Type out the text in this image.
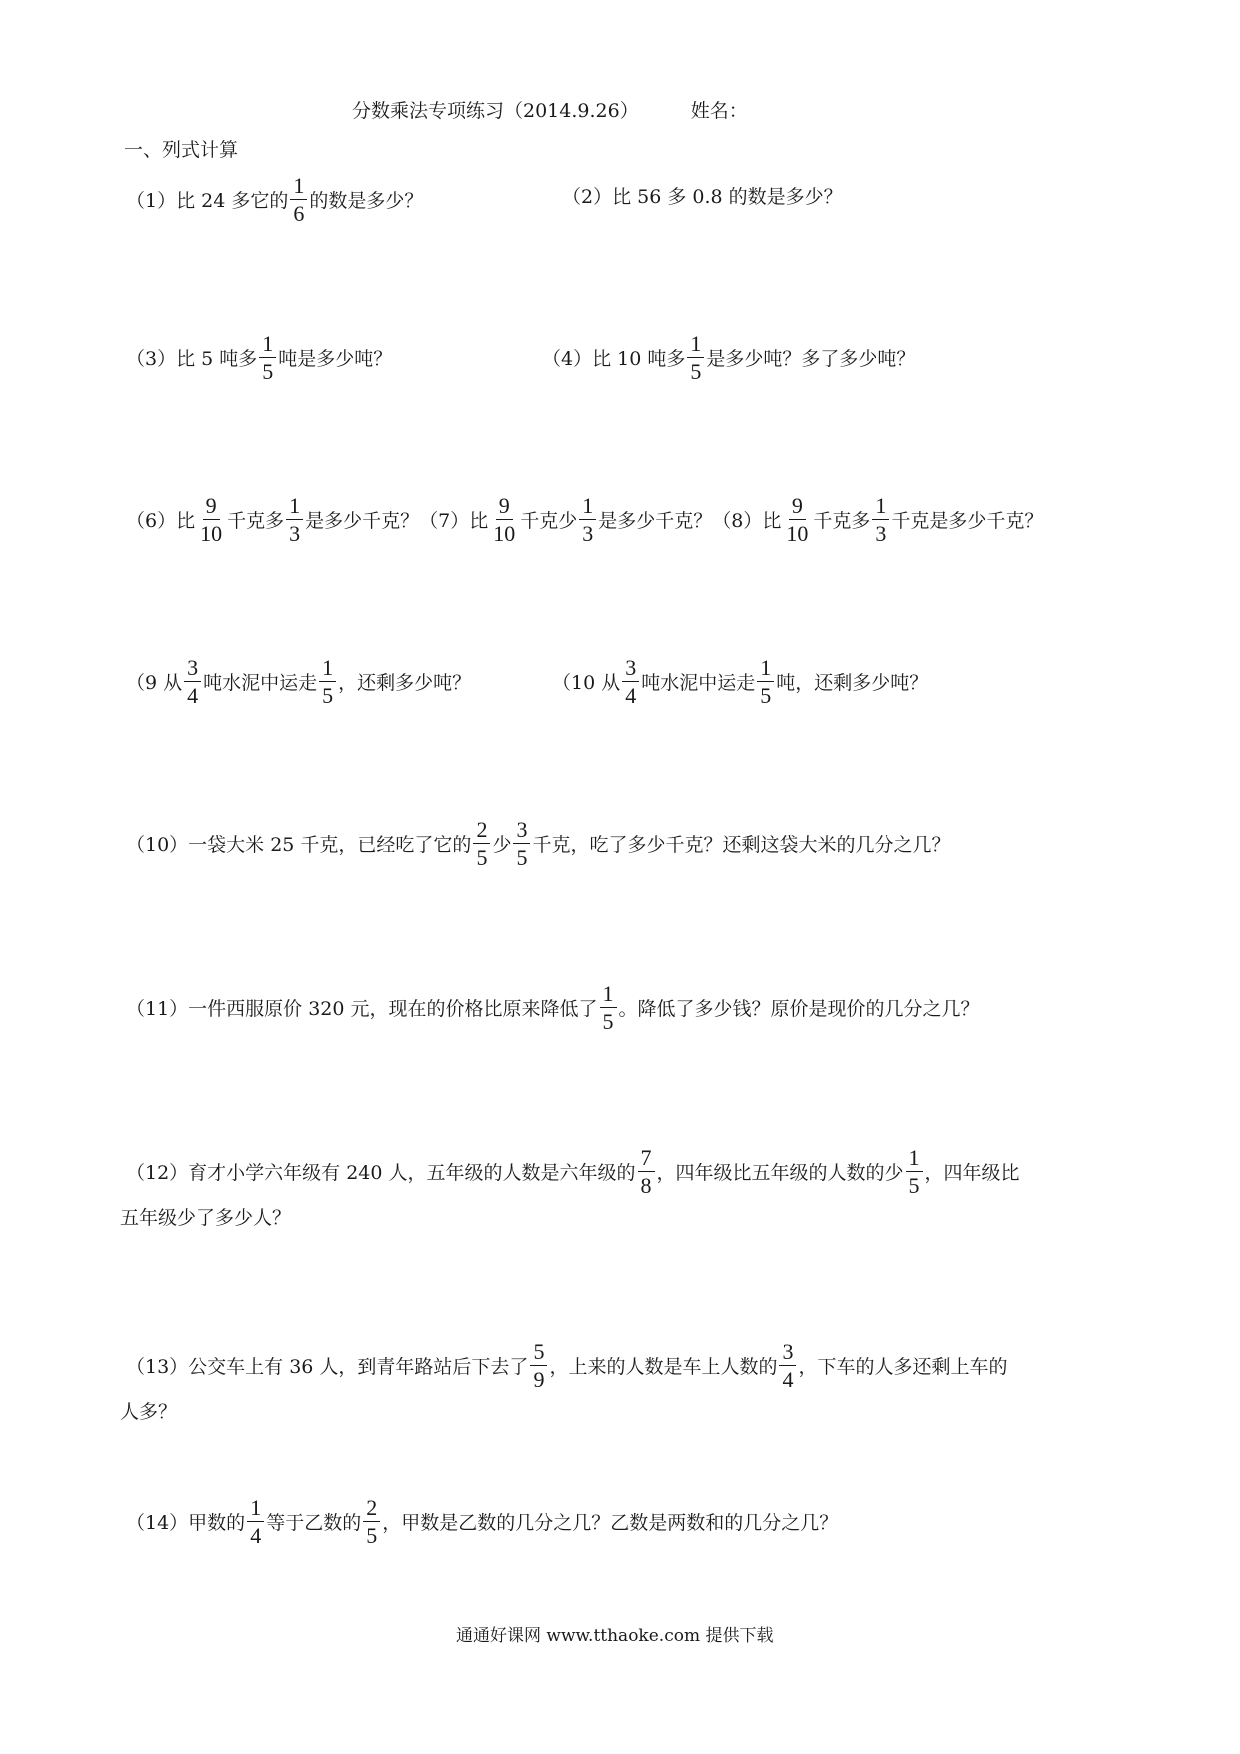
分数乘法专项练习（2014.9.26）	姓名：
一、列式计算
（1）比 24 多它的 $\frac{1}{6}$ 的数是多少？	（2）比 56 多 0.8 的数是多少？
（3）比 5 吨多 $\frac{1}{5}$ 吨是多少吨？	（4）比 10 吨多 $\frac{1}{5}$ 是多少吨？多了多少吨？
（6）比 $\frac{9}{10}$ 千克多 $\frac{1}{3}$ 是多少千克？ （7）比 $\frac{9}{10}$ 千克少 $\frac{1}{3}$ 是多少千克？ （8）比 $\frac{9}{10}$ 千克多 $\frac{1}{3}$ 千克是多少千克？
（9 从 $\frac{3}{4}$ 吨水泥中运走 $\frac{1}{5}$ ，还剩多少吨？	（10 从 $\frac{3}{4}$ 吨水泥中运走 $\frac{1}{5}$ 吨，还剩多少吨？
（10）一袋大米 25 千克，已经吃了它的 $\frac{2}{5}$ 少 $\frac{3}{5}$ 千克，吃了多少千克？还剩这袋大米的几分之几？
（11）一件西服原价 320 元，现在的价格比原来降低了 $\frac{1}{5}$ 。降低了多少钱？原价是现价的几分之几？
（12）育才小学六年级有 240 人，五年级的人数是六年级的 $\frac{7}{8}$ ，四年级比五年级的人数的少 $\frac{1}{5}$ ，四年级比
五年级少了多少人？
（13）公交车上有 36 人，到青年路站后下去了 $\frac{5}{9}$ ，上来的人数是车上人数的 $\frac{3}{4}$ ，下车的人多还剩上车的
人多？
（14）甲数的 $\frac{1}{4}$ 等于乙数的 $\frac{2}{5}$ ，甲数是乙数的几分之几？乙数是两数和的几分之几？
通通好课网 www.tthaoke.com 提供下载
